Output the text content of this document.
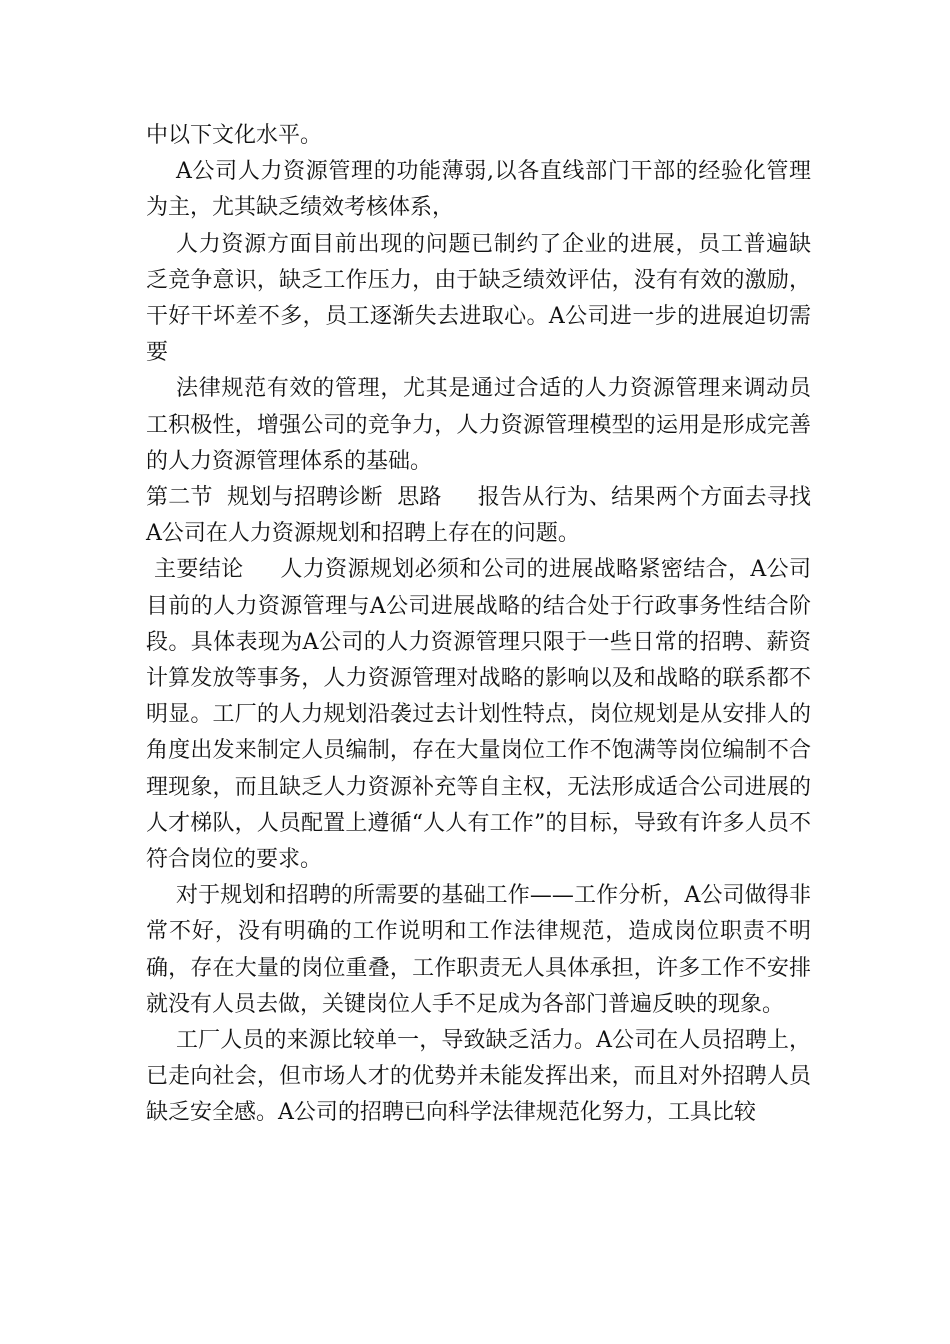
中以下文化水平。

A公司人力资源管理的功能薄弱,以各直线部门干部的经验化管理为主，尤其缺乏绩效考核体系，

人力资源方面目前出现的问题已制约了企业的进展，员工普遍缺乏竞争意识，缺乏工作压力，由于缺乏绩效评估，没有有效的激励，干好干坏差不多，员工逐渐失去进取心。A公司进一步的进展迫切需要

法律规范有效的管理，尤其是通过合适的人力资源管理来调动员工积极性，增强公司的竞争力，人力资源管理模型的运用是形成完善的人力资源管理体系的基础。

第二节  规划与招聘诊断  思路     报告从行为、结果两个方面去寻找A公司在人力资源规划和招聘上存在的问题。

主要结论     人力资源规划必须和公司的进展战略紧密结合，A公司目前的人力资源管理与A公司进展战略的结合处于行政事务性结合阶段。具体表现为A公司的人力资源管理只限于一些日常的招聘、薪资计算发放等事务，人力资源管理对战略的影响以及和战略的联系都不明显。工厂的人力规划沿袭过去计划性特点，岗位规划是从安排人的角度出发来制定人员编制，存在大量岗位工作不饱满等岗位编制不合理现象，而且缺乏人力资源补充等自主权，无法形成适合公司进展的人才梯队，人员配置上遵循“人人有工作”的目标，导致有许多人员不符合岗位的要求。

对于规划和招聘的所需要的基础工作——工作分析，A公司做得非常不好，没有明确的工作说明和工作法律规范，造成岗位职责不明确，存在大量的岗位重叠，工作职责无人具体承担，许多工作不安排就没有人员去做，关键岗位人手不足成为各部门普遍反映的现象。

工厂人员的来源比较单一，导致缺乏活力。A公司在人员招聘上，已走向社会，但市场人才的优势并未能发挥出来，而且对外招聘人员缺乏安全感。A公司的招聘已向科学法律规范化努力，工具比较
